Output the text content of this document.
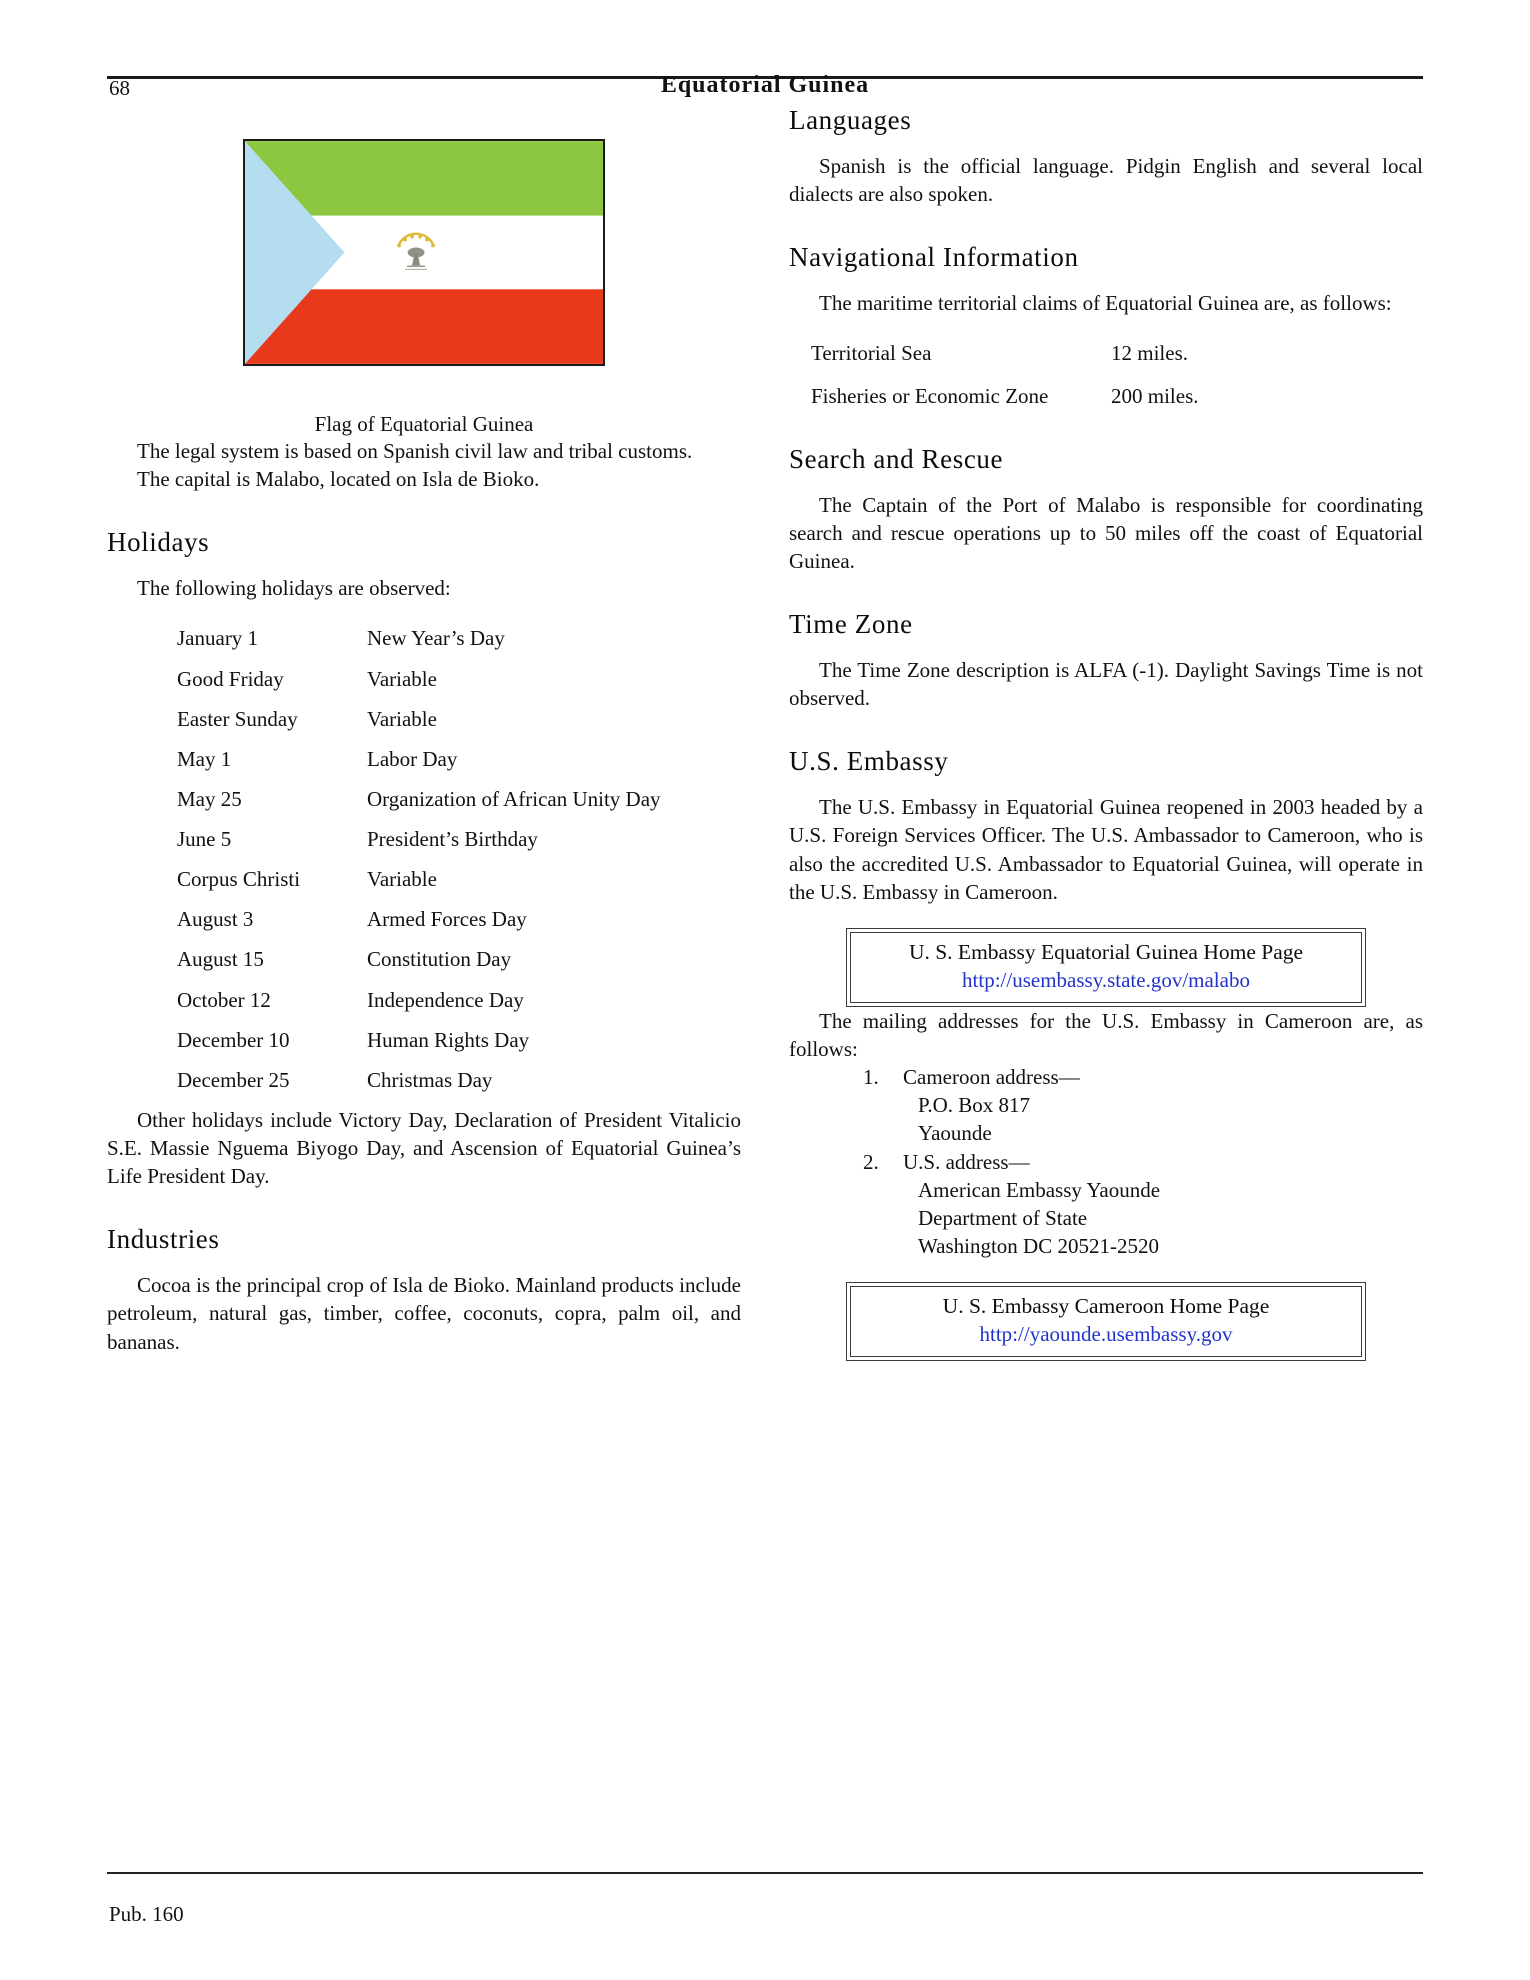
68	Equatorial Guinea
Flag of Equatorial Guinea

The legal system is based on Spanish civil law and tribal customs.

The capital is Malabo, located on Isla de Bioko.

Holidays

The following holidays are observed:

January 1	New Year’s Day
Good Friday	Variable
Easter Sunday	Variable
May 1	Labor Day
May 25	Organization of African Unity Day
June 5	President’s Birthday
Corpus Christi	Variable
August 3	Armed Forces Day
August 15	Constitution Day
October 12	Independence Day
December 10	Human Rights Day
December 25	Christmas Day

Other holidays include Victory Day, Declaration of President Vitalicio S.E. Massie Nguema Biyogo Day, and Ascension of Equatorial Guinea’s Life President Day.

Industries

Cocoa is the principal crop of Isla de Bioko. Mainland products include petroleum, natural gas, timber, coffee, coconuts, copra, palm oil, and bananas.

Languages

Spanish is the official language. Pidgin English and several local dialects are also spoken.

Navigational Information

The maritime territorial claims of Equatorial Guinea are, as follows:

Territorial Sea	12 miles.
Fisheries or Economic Zone	200 miles.
Search and Rescue

The Captain of the Port of Malabo is responsible for coordinating search and rescue operations up to 50 miles off the coast of Equatorial Guinea.

Time Zone

The Time Zone description is ALFA (-1). Daylight Savings Time is not observed.

U.S. Embassy

The U.S. Embassy in Equatorial Guinea reopened in 2003 headed by a U.S. Foreign Services Officer. The U.S. Ambassador to Cameroon, who is also the accredited U.S. Ambassador to Equatorial Guinea, will operate in the U.S. Embassy in Cameroon.

U. S. Embassy Equatorial Guinea Home Page
http://usembassy.state.gov/malabo

The mailing addresses for the U.S. Embassy in Cameroon are, as follows:

1.	Cameroon address—
P.O. Box 817
Yaounde
2.	U.S. address—
American Embassy Yaounde
Department of State
Washington DC 20521-2520
U. S. Embassy Cameroon Home Page
http://yaounde.usembassy.gov
Pub. 160
